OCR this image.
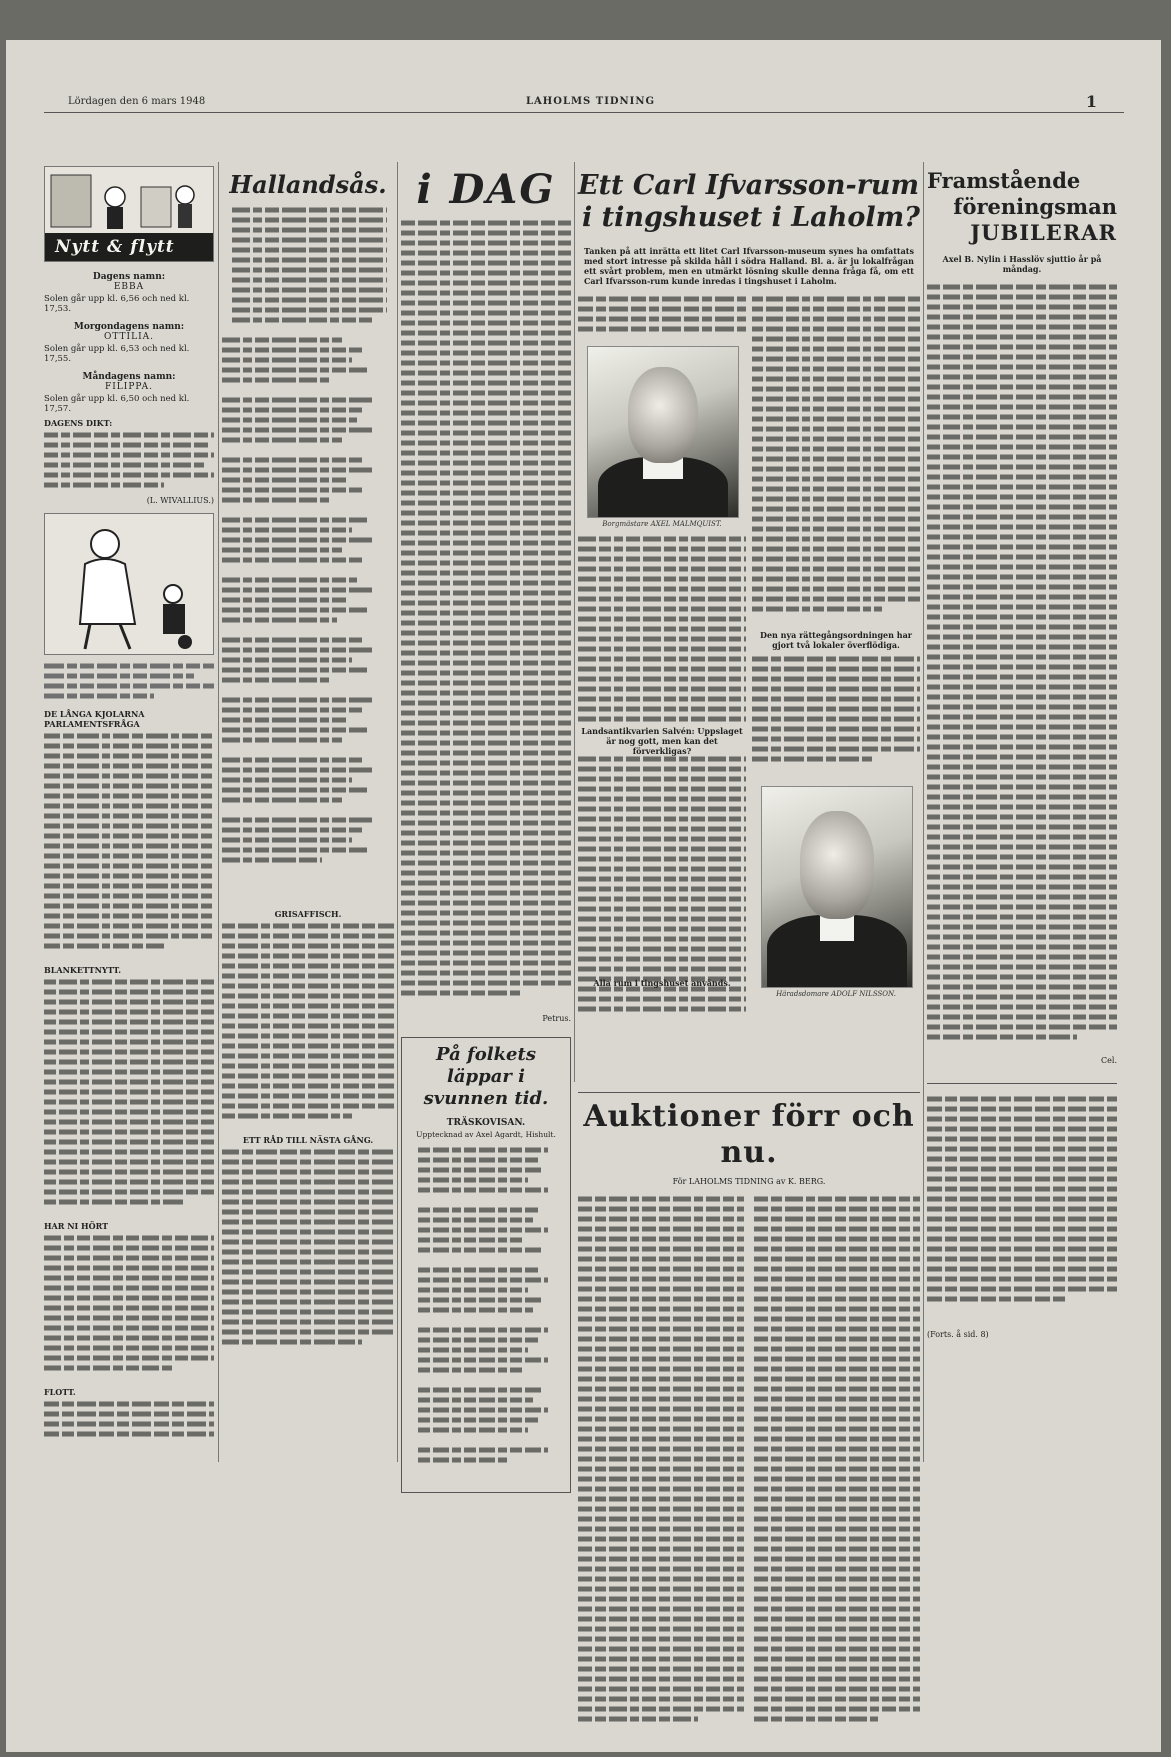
Lördagen den 6 mars 1948	LAHOLMS TIDNING	1
Nytt & flytt
Dagens namn:
EBBA
Solen går upp kl. 6,56 och ned kl. 17,53.
Morgondagens namn:
OTTILIA.
Solen går upp kl. 6,53 och ned kl. 17,55.
Måndagens namn:
FILIPPA.
Solen går upp kl. 6,50 och ned kl. 17,57.
DAGENS DIKT:
(L. WIVALLIUS.)
DE LÅNGA KJOLARNA PARLAMENTSFRÅGA
BLANKETTNYTT.
HAR NI HÖRT
FLOTT.
Hallandsås.
GRISAFFISCH.
ETT RÅD TILL NÄSTA GÅNG.
i DAG
Petrus.
På folkets läppar i svunnen tid.
TRÄSKOVISAN.
Upptecknad av Axel Agardt, Hishult.
Ett Carl Ifvarsson-rum
i tingshuset i Laholm?
Tanken på att inrätta ett litet Carl Ifvarsson-museum synes ha omfattats med stort intresse på skilda håll i södra Halland. Bl. a. är ju lokalfrågan ett svårt problem, men en utmärkt lösning skulle denna fråga få, om ett Carl Ifvarsson-rum kunde inredas i tingshuset i Laholm.
Borgmästare AXEL MALMQUIST.
Alla rum i tingshuset används.
Den nya rättegångsordningen har gjort två lokaler överflödiga.
Häradsdomare ADOLF NILSSON.
Landsantikvarien Salvén: Uppslaget är nog gott, men kan det förverkligas?
Auktioner förr och nu.
För LAHOLMS TIDNING av K. BERG.
Framstående
föreningsman
JUBILERAR
Axel B. Nylin i Hasslöv sjuttio år på måndag.
Cel.
(Forts. å sid. 8)
